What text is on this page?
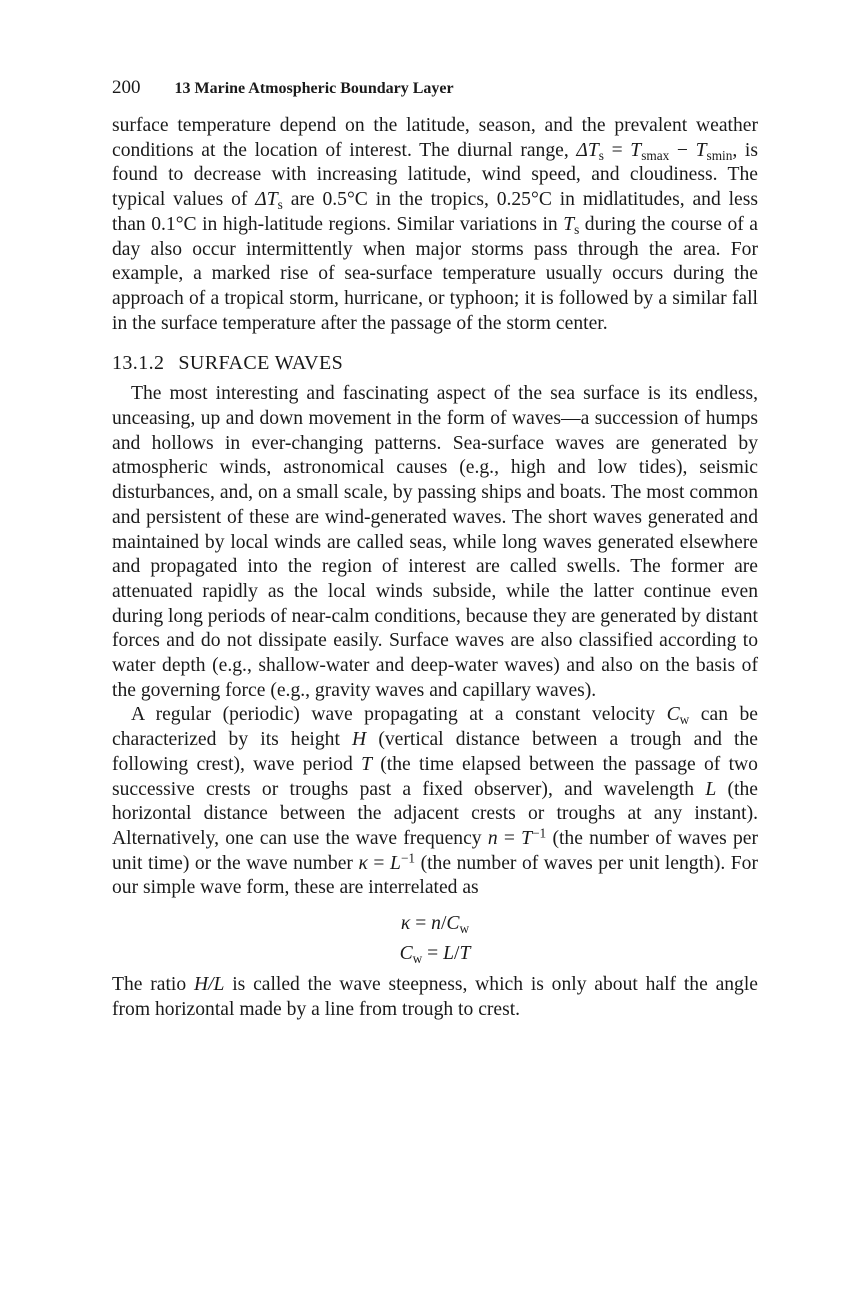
200 13 Marine Atmospheric Boundary Layer

surface temperature depend on the latitude, season, and the prevalent weather conditions at the location of interest. The diurnal range, $\Delta T_s = T_{smax} - T_{smin}$, is found to decrease with increasing latitude, wind speed, and cloudiness. The typical values of $\Delta T_s$ are 0.5°C in the tropics, 0.25°C in midlatitudes, and less than 0.1°C in high-latitude regions. Similar variations in $T_s$ during the course of a day also occur intermittently when major storms pass through the area. For example, a marked rise of sea-surface temperature usually occurs during the approach of a tropical storm, hurricane, or typhoon; it is followed by a similar fall in the surface temperature after the passage of the storm center.

13.1.2 SURFACE WAVES

The most interesting and fascinating aspect of the sea surface is its endless, unceasing, up and down movement in the form of waves—a succession of humps and hollows in ever-changing patterns. Sea-surface waves are generated by atmospheric winds, astronomical causes (e.g., high and low tides), seismic disturbances, and, on a small scale, by passing ships and boats. The most common and persistent of these are wind-generated waves. The short waves generated and maintained by local winds are called seas, while long waves generated elsewhere and propagated into the region of interest are called swells. The former are attenuated rapidly as the local winds subside, while the latter continue even during long periods of near-calm conditions, because they are generated by distant forces and do not dissipate easily. Surface waves are also classified according to water depth (e.g., shallow-water and deep-water waves) and also on the basis of the governing force (e.g., gravity waves and capillary waves).

A regular (periodic) wave propagating at a constant velocity $C_w$ can be characterized by its height H (vertical distance between a trough and the following crest), wave period T (the time elapsed between the passage of two successive crests or troughs past a fixed observer), and wavelength L (the horizontal distance between the adjacent crests or troughs at any instant). Alternatively, one can use the wave frequency $n = T^{-1}$ (the number of waves per unit time) or the wave number $\kappa = L^{-1}$ (the number of waves per unit length). For our simple wave form, these are interrelated as

$\kappa = n/C_w$
$C_w = L/T$

The ratio H/L is called the wave steepness, which is only about half the angle from horizontal made by a line from trough to crest.
